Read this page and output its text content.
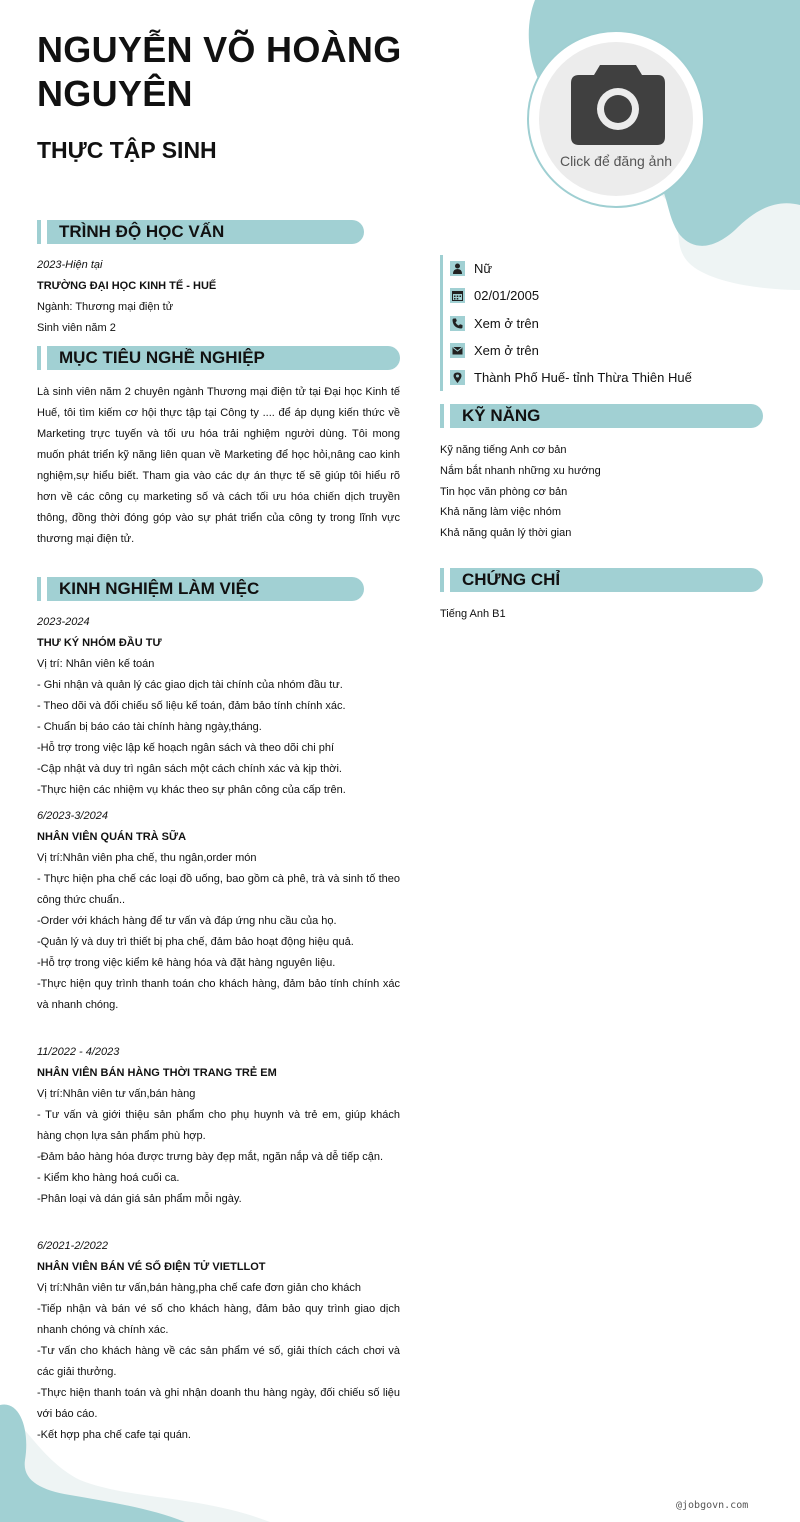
NGUYỄN VÕ HOÀNG NGUYÊN
THỰC TẬP SINH	Click để đăng ảnh
TRÌNH ĐỘ HỌC VẤN
2023-Hiện tại
TRƯỜNG ĐẠI HỌC KINH TẾ - HUẾ
Ngành: Thương mại điện tử
Sinh viên năm 2
MỤC TIÊU NGHỀ NGHIỆP
Là sinh viên năm 2 chuyên ngành Thương mại điện tử tại Đại học Kinh tế Huế, tôi tìm kiếm cơ hội thực tập tại Công ty .... để áp dụng kiến thức về Marketing trực tuyến và tối ưu hóa trải nghiệm người dùng. Tôi mong muốn phát triển kỹ năng liên quan về Marketing để học hỏi,nâng cao kinh nghiệm,sự hiểu biết. Tham gia vào các dự án thực tế sẽ giúp tôi hiểu rõ hơn về các công cụ marketing số và cách tối ưu hóa chiến dịch truyền thông, đồng thời đóng góp vào sự phát triển của công ty trong lĩnh vực thương mại điện tử.
KINH NGHIỆM LÀM VIỆC
2023-2024
THƯ KÝ NHÓM ĐẦU TƯ
Vị trí: Nhân viên kế toán
- Ghi nhận và quản lý các giao dịch tài chính của nhóm đầu tư.
- Theo dõi và đối chiếu số liệu kế toán, đảm bảo tính chính xác.
- Chuẩn bị báo cáo tài chính hàng ngày,tháng.
-Hỗ trợ trong việc lập kế hoạch ngân sách và theo dõi chi phí
-Cập nhật và duy trì ngân sách một cách chính xác và kịp thời.
-Thực hiện các nhiệm vụ khác theo sự phân công của cấp trên.
6/2023-3/2024
NHÂN VIÊN QUÁN TRÀ SỮA
Vị trí:Nhân viên pha chế, thu ngân,order món
- Thực hiện pha chế các loại đồ uống, bao gồm cà phê, trà và sinh tố theo công thức chuẩn..
-Order với khách hàng để tư vấn và đáp ứng nhu cầu của họ.
-Quản lý và duy trì thiết bị pha chế, đảm bảo hoạt động hiệu quả.
-Hỗ trợ trong việc kiểm kê hàng hóa và đặt hàng nguyên liệu.
-Thực hiện quy trình thanh toán cho khách hàng, đảm bảo tính chính xác và nhanh chóng.
11/2022 - 4/2023
NHÂN VIÊN BÁN HÀNG THỜI TRANG TRẺ EM
Vị trí:Nhân viên tư vấn,bán hàng
- Tư vấn và giới thiệu sản phẩm cho phụ huynh và trẻ em, giúp khách hàng chọn lựa sản phẩm phù hợp.
-Đảm bảo hàng hóa được trưng bày đẹp mắt, ngăn nắp và dễ tiếp cận.
- Kiểm kho hàng hoá cuối ca.
-Phân loại và dán giá sản phẩm mỗi ngày.
6/2021-2/2022
NHÂN VIÊN BÁN VÉ SỐ ĐIỆN TỬ VIETLLOT
Vị trí:Nhân viên tư vấn,bán hàng,pha chế cafe đơn giản cho khách
-Tiếp nhận và bán vé số cho khách hàng, đảm bảo quy trình giao dịch nhanh chóng và chính xác.
-Tư vấn cho khách hàng về các sản phẩm vé số, giải thích cách chơi và các giải thưởng.
-Thực hiện thanh toán và ghi nhận doanh thu hàng ngày, đối chiếu số liệu với báo cáo.
-Kết hợp pha chế cafe tại quán.
Nữ
02/01/2005
Xem ở trên
Xem ở trên
Thành Phố Huế- tỉnh Thừa Thiên Huế
KỸ NĂNG
Kỹ năng tiếng Anh cơ bản
Nắm bắt nhanh những xu hướng
Tin học văn phòng cơ bản
Khả năng làm việc nhóm
Khả năng quản lý thời gian
CHỨNG CHỈ
Tiếng Anh B1
@jobgovn.com
